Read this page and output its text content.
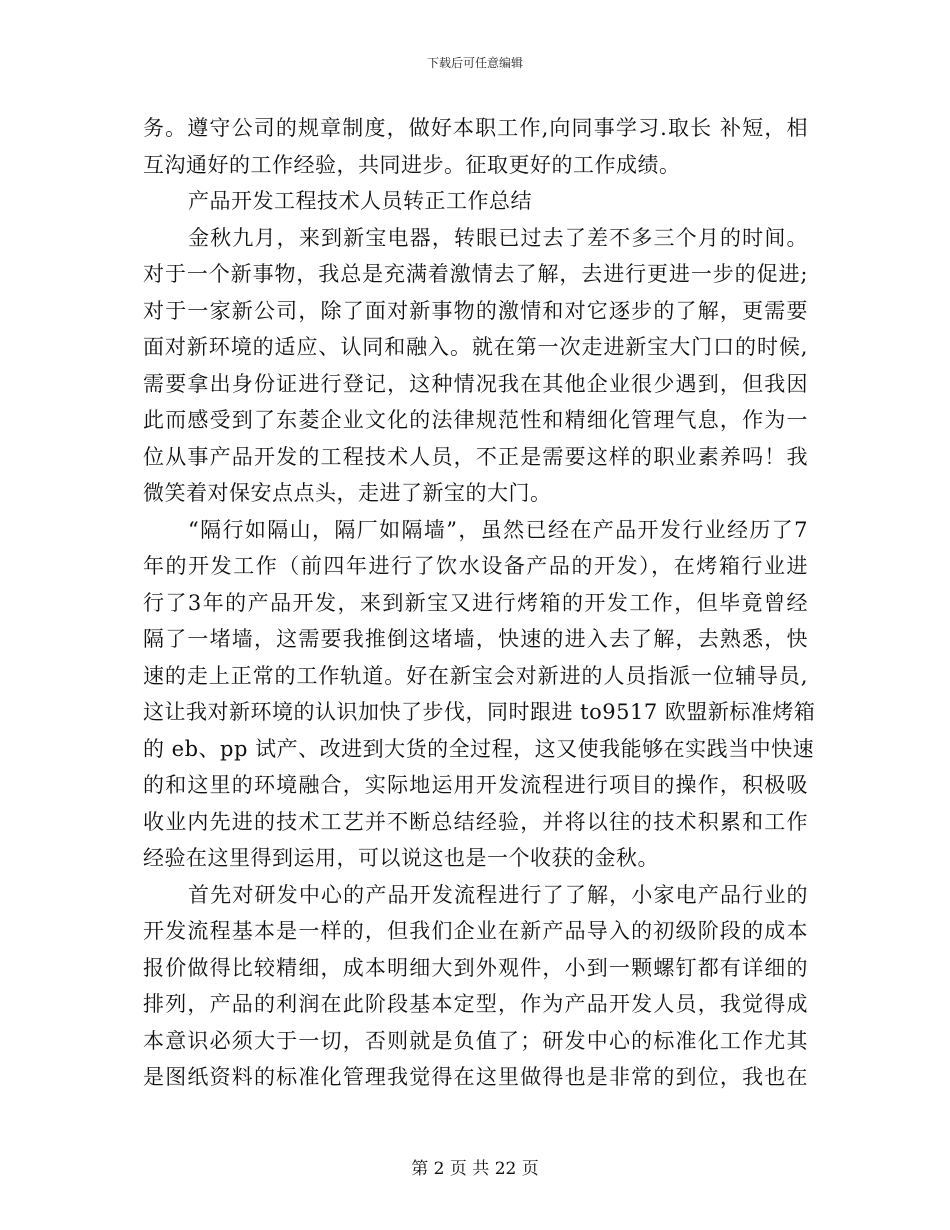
下载后可任意编辑
务。遵守公司的规章制度，做好本职工作,向同事学习.取长 补短，相
互沟通好的工作经验，共同进步。征取更好的工作成绩。
产品开发工程技术人员转正工作总结
金秋九月，来到新宝电器，转眼已过去了差不多三个月的时间。
对于一个新事物，我总是充满着激情去了解，去进行更进一步的促进;
对于一家新公司，除了面对新事物的激情和对它逐步的了解，更需要
面对新环境的适应、认同和融入。就在第一次走进新宝大门口的时候,
需要拿出身份证进行登记，这种情况我在其他企业很少遇到，但我因
此而感受到了东菱企业文化的法律规范性和精细化管理气息，作为一
位从事产品开发的工程技术人员，不正是需要这样的职业素养吗！我
微笑着对保安点点头，走进了新宝的大门。
“隔行如隔山，隔厂如隔墙”，虽然已经在产品开发行业经历了7
年的开发工作（前四年进行了饮水设备产品的开发），在烤箱行业进
行了3年的产品开发，来到新宝又进行烤箱的开发工作，但毕竟曾经
隔了一堵墙，这需要我推倒这堵墙，快速的进入去了解，去熟悉，快
速的走上正常的工作轨道。好在新宝会对新进的人员指派一位辅导员,
这让我对新环境的认识加快了步伐，同时跟进 to9517 欧盟新标准烤箱
的 eb、pp 试产、改进到大货的全过程，这又使我能够在实践当中快速
的和这里的环境融合，实际地运用开发流程进行项目的操作，积极吸
收业内先进的技术工艺并不断总结经验，并将以往的技术积累和工作
经验在这里得到运用，可以说这也是一个收获的金秋。
首先对研发中心的产品开发流程进行了了解，小家电产品行业的
开发流程基本是一样的，但我们企业在新产品导入的初级阶段的成本
报价做得比较精细，成本明细大到外观件，小到一颗螺钉都有详细的
排列，产品的利润在此阶段基本定型，作为产品开发人员，我觉得成
本意识必须大于一切，否则就是负值了；研发中心的标准化工作尤其
是图纸资料的标准化管理我觉得在这里做得也是非常的到位，我也在
第 2 页 共 22 页
